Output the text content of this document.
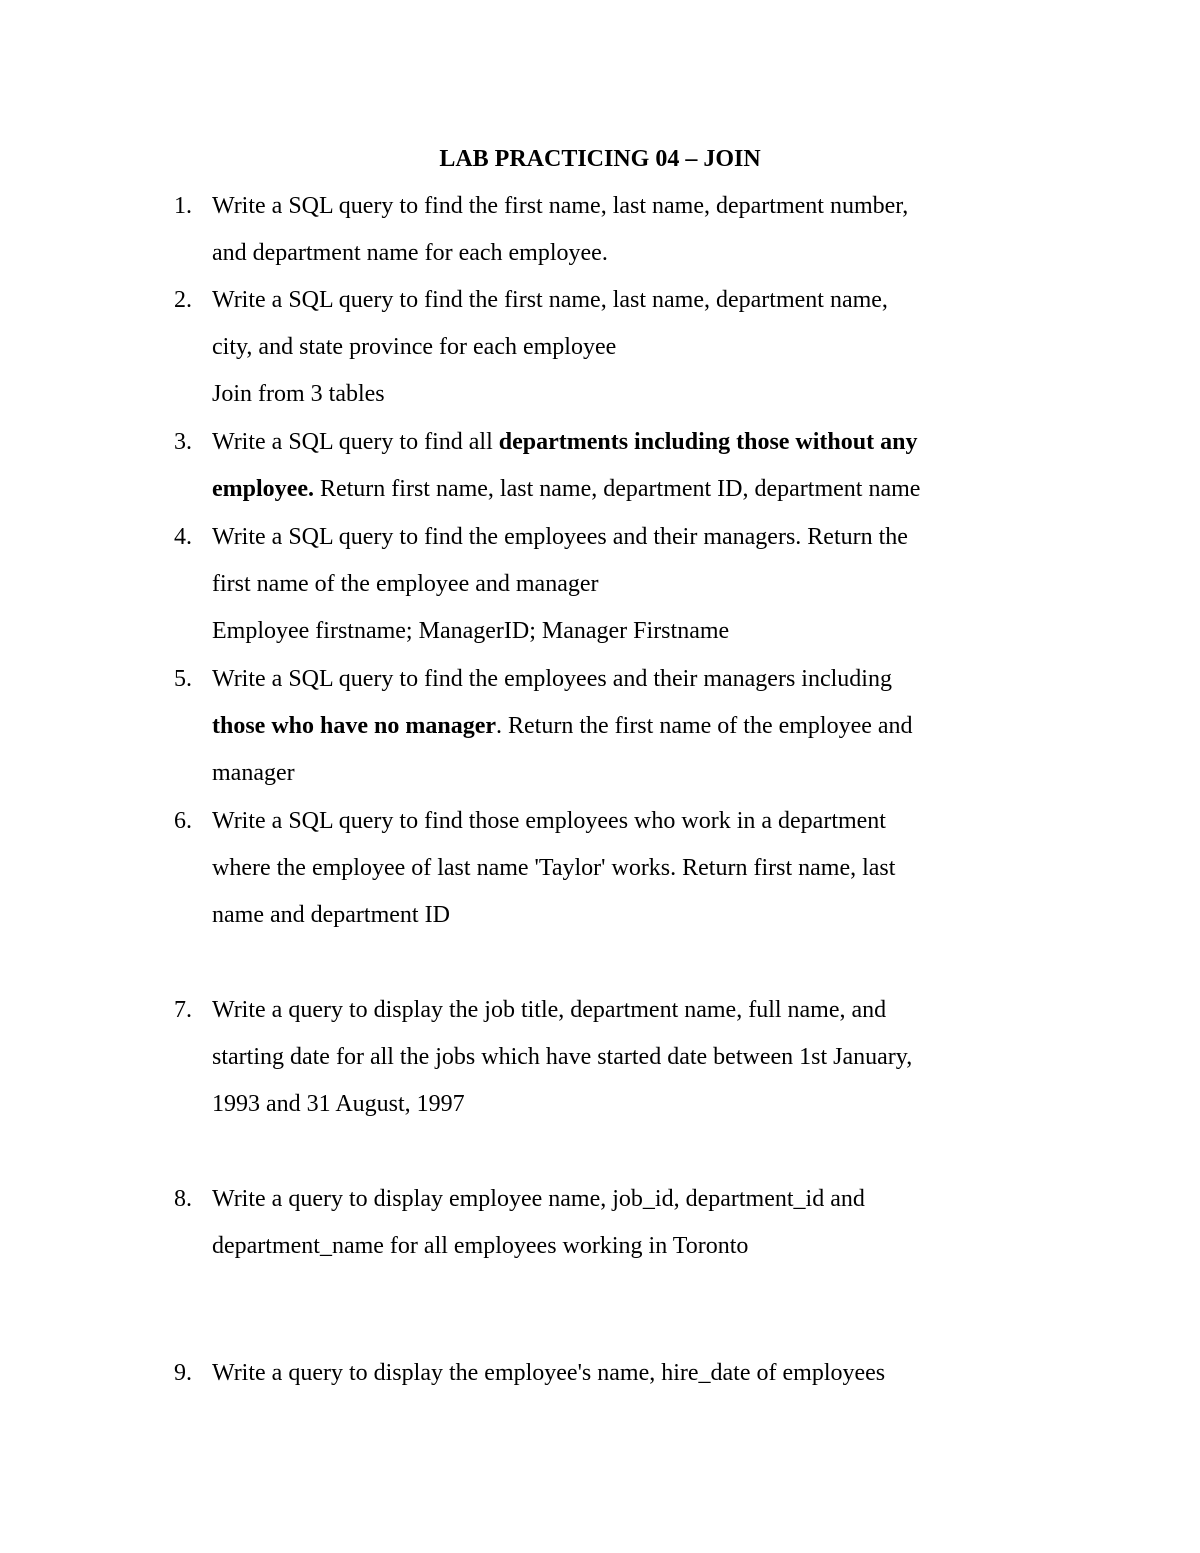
LAB PRACTICING 04 – JOIN
1. Write a SQL query to find the first name, last name, department number,
and department name for each employee.
2. Write a SQL query to find the first name, last name, department name,
city, and state province for each employee
Join from 3 tables
3. Write a SQL query to find all departments including those without any
employee. Return first name, last name, department ID, department name
4. Write a SQL query to find the employees and their managers. Return the
first name of the employee and manager
Employee firstname; ManagerID; Manager Firstname
5. Write a SQL query to find the employees and their managers including
those who have no manager. Return the first name of the employee and
manager
6. Write a SQL query to find those employees who work in a department
where the employee of last name 'Taylor' works. Return first name, last
name and department ID
7. Write a query to display the job title, department name, full name, and
starting date for all the jobs which have started date between 1st January,
1993 and 31 August, 1997
8. Write a query to display employee name, job_id, department_id and
department_name for all employees working in Toronto
9. Write a query to display the employee's name, hire_date of employees
